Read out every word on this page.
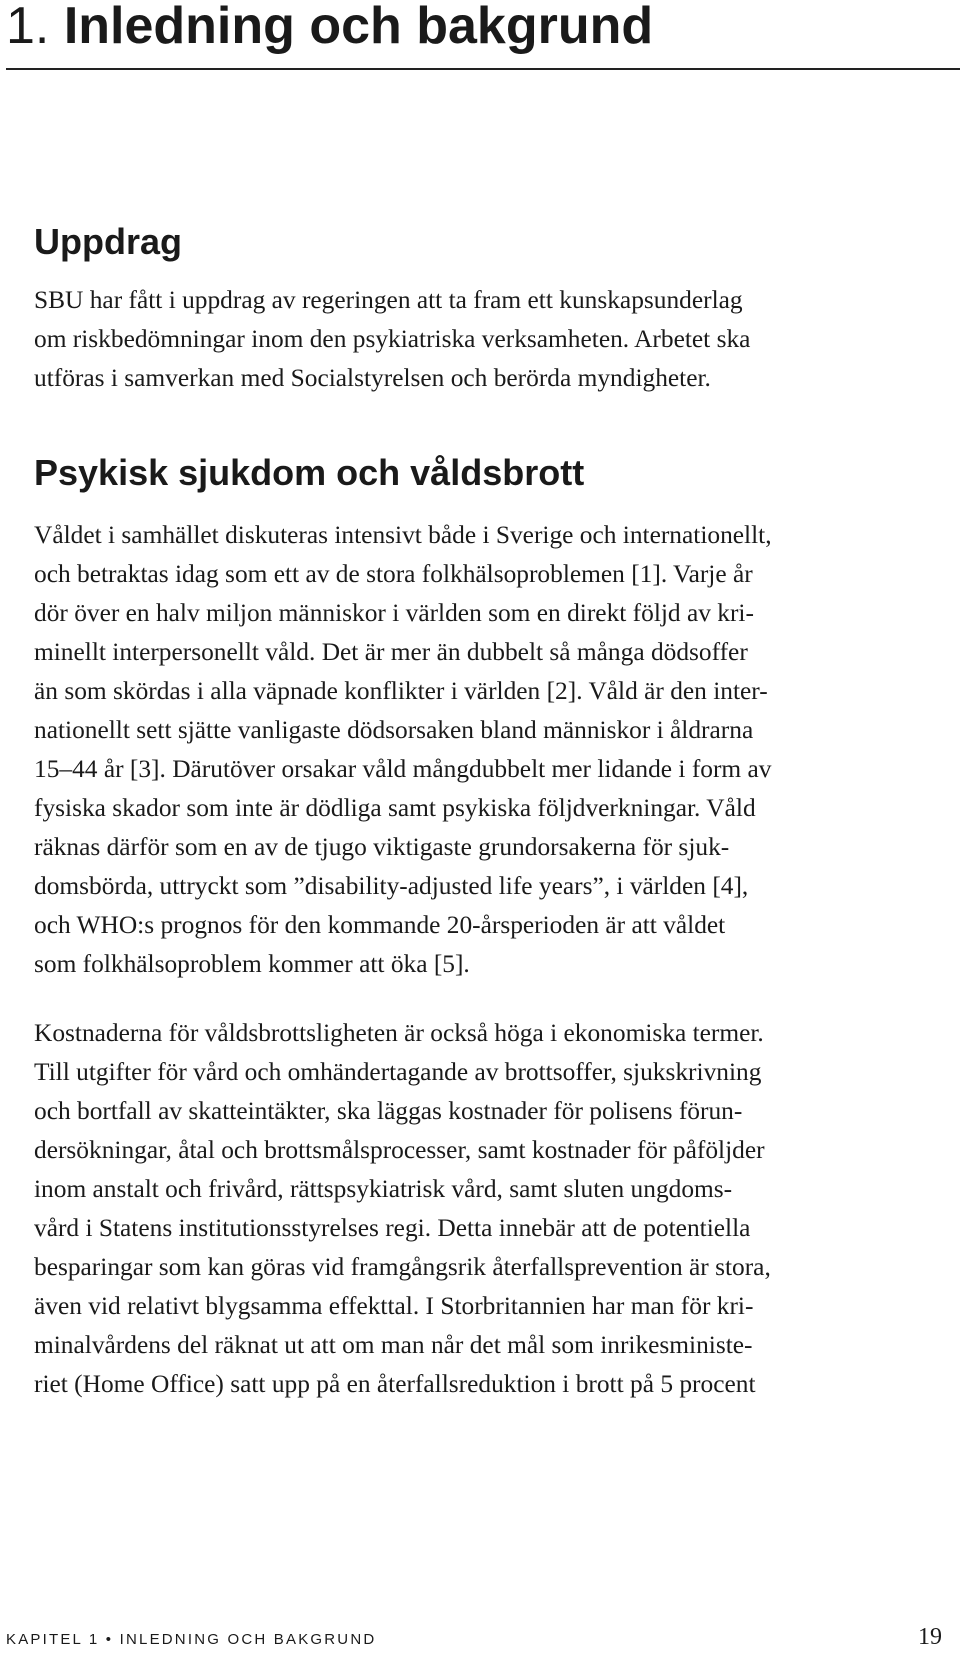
1. Inledning och bakgrund
Uppdrag

SBU har fått i uppdrag av regeringen att ta fram ett kunskapsunderlag
om riskbedömningar inom den psykiatriska verksamheten. Arbetet ska
utföras i samverkan med Socialstyrelsen och berörda myndigheter.

Psykisk sjukdom och våldsbrott

Våldet i samhället diskuteras intensivt både i Sverige och internationellt,
och betraktas idag som ett av de stora folkhälsoproblemen [1]. Varje år
dör över en halv miljon människor i världen som en direkt följd av kri-
minellt interpersonellt våld. Det är mer än dubbelt så många dödsoffer
än som skördas i alla väpnade konflikter i världen [2]. Våld är den inter-
nationellt sett sjätte vanligaste dödsorsaken bland människor i åldrarna
15–44 år [3]. Därutöver orsakar våld mångdubbelt mer lidande i form av
fysiska skador som inte är dödliga samt psykiska följdverkningar. Våld
räknas därför som en av de tjugo viktigaste grundorsakerna för sjuk-
domsbörda, uttryckt som ”disability-adjusted life years”, i världen [4],
och WHO:s prognos för den kommande 20-årsperioden är att våldet
som folkhälsoproblem kommer att öka [5].

Kostnaderna för våldsbrottsligheten är också höga i ekonomiska termer.
Till utgifter för vård och omhändertagande av brottsoffer, sjukskrivning
och bortfall av skatteintäkter, ska läggas kostnader för polisens förun-
dersökningar, åtal och brottsmålsprocesser, samt kostnader för påföljder
inom anstalt och frivård, rättspsykiatrisk vård, samt sluten ungdoms-
vård i Statens institutionsstyrelses regi. Detta innebär att de potentiella
besparingar som kan göras vid framgångsrik återfallsprevention är stora,
även vid relativt blygsamma effekttal. I Storbritannien har man för kri-
minalvårdens del räknat ut att om man når det mål som inrikesministe-
riet (Home Office) satt upp på en återfallsreduktion i brott på 5 procent

KAPITEL 1 • INLEDNING OCH BAKGRUND	19
